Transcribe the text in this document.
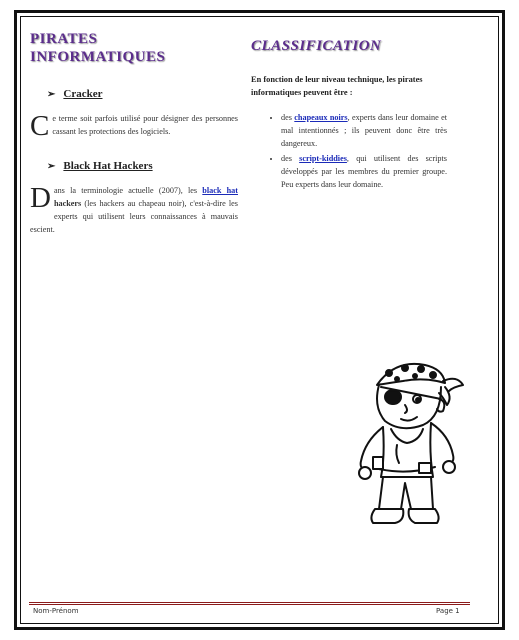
PIRATES
INFORMATIQUES
➢ Cracker
Ce terme soit parfois utilisé pour désigner des personnes cassant les protections des logiciels.
➢ Black Hat Hackers
Dans la terminologie actuelle (2007), les black hat hackers (les hackers au chapeau noir), c'est-à-dire les experts qui utilisent leurs connaissances à mauvais escient.
CLASSIFICATION
En fonction de leur niveau technique, les pirates informatiques peuvent être :
• des chapeaux noirs, experts dans leur domaine et mal intentionnés ; ils peuvent donc être très dangereux.
• des script-kiddies, qui utilisent des scripts développés par les membres du premier groupe. Peu experts dans leur domaine.
Nom-Prénom	Page 1
